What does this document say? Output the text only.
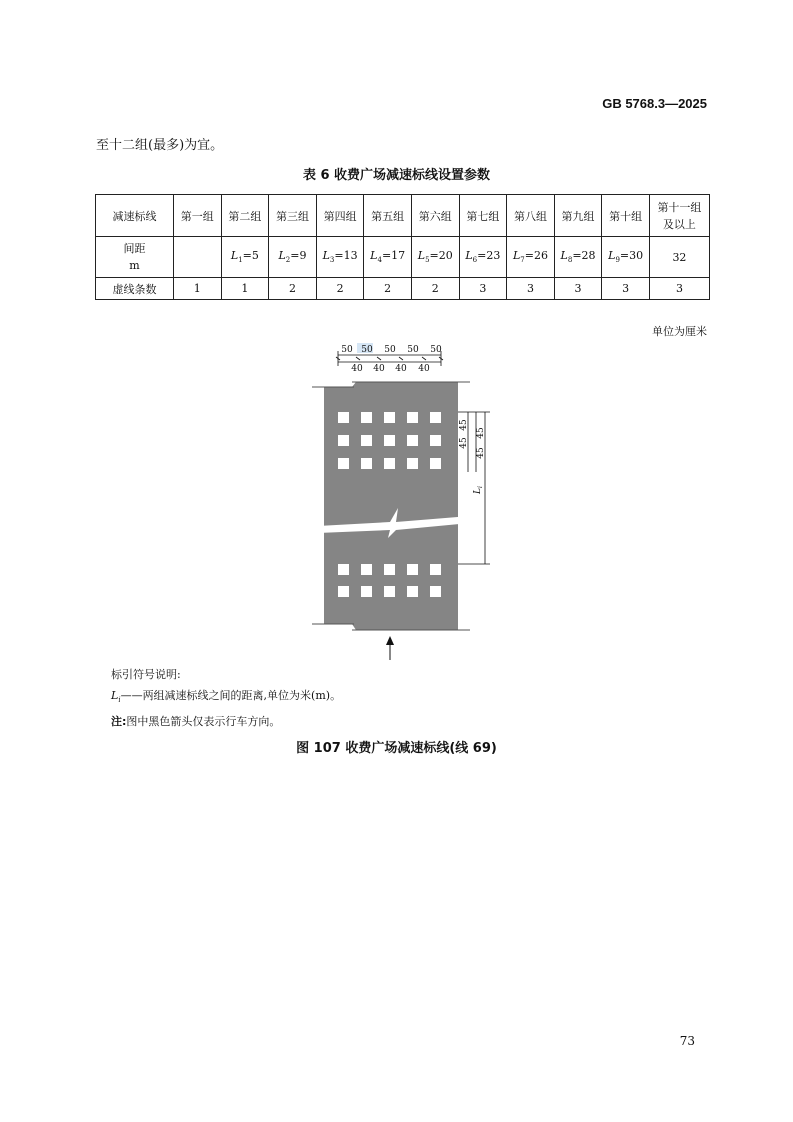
GB 5768.3—2025
至十二组(最多)为宜。
表 6 收费广场减速标线设置参数
减速标线	第一组	第二组	第三组	第四组	第五组	第六组	第七组	第八组	第九组	第十组	第十一组
及以上
间距
m		$L_1=5$	$L_2=9$	$L_3=13$	$L_4=17$	$L_5=20$	$L_6=23$	$L_7=26$	$L_8=28$	$L_9=30$	32
虚线条数	1	1	2	2	2	2	3	3	3	3	3
单位为厘米
50 50 50 50 50
40 40 40 40
45
45
45
45
$L_i$
标引符号说明:
$L_i——$两组减速标线之间的距离,单位为米(m)。
注:图中黑色箭头仅表示行车方向。
图 107 收费广场减速标线(线 69)
73
